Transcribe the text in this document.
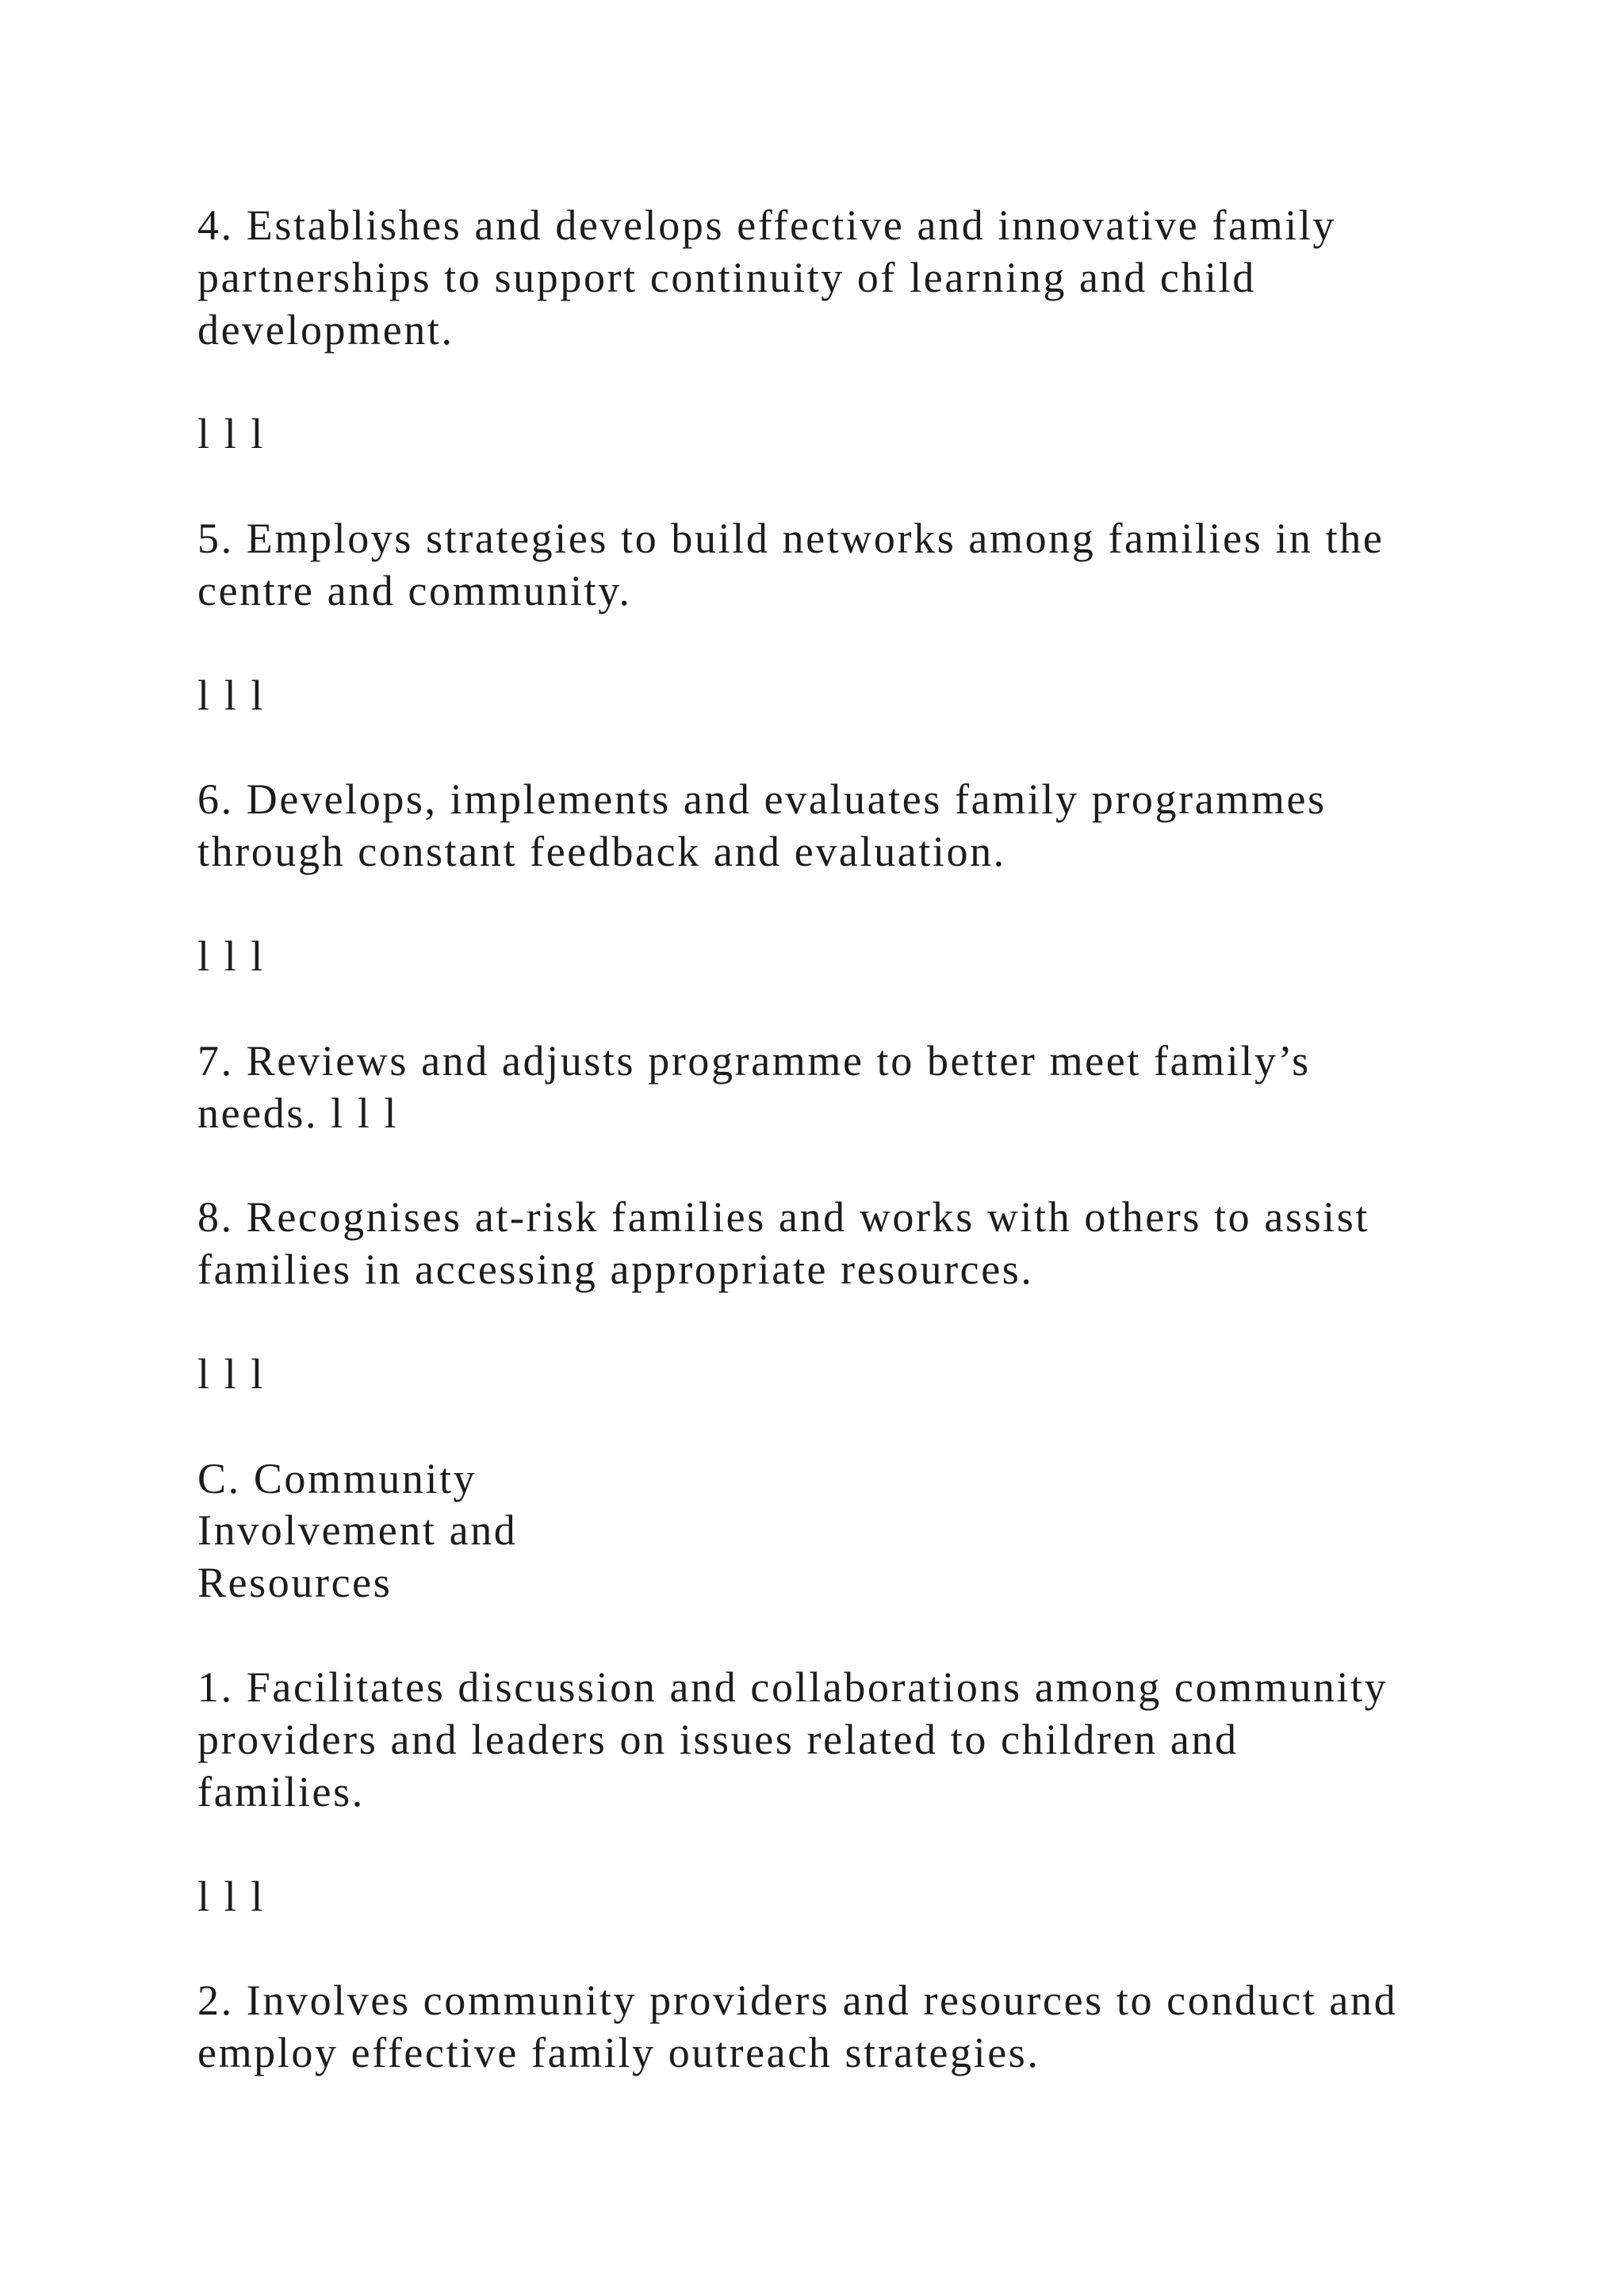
4. Establishes and develops effective and innovative family
partnerships to support continuity of learning and child
development.
l l l
5. Employs strategies to build networks among families in the
centre and community.
l l l
6. Develops, implements and evaluates family programmes
through constant feedback and evaluation.
l l l
7. Reviews and adjusts programme to better meet family’s
needs. l l l
8. Recognises at-risk families and works with others to assist
families in accessing appropriate resources.
l l l
C. Community
Involvement and
Resources
1. Facilitates discussion and collaborations among community
providers and leaders on issues related to children and
families.
l l l
2. Involves community providers and resources to conduct and
employ effective family outreach strategies.
